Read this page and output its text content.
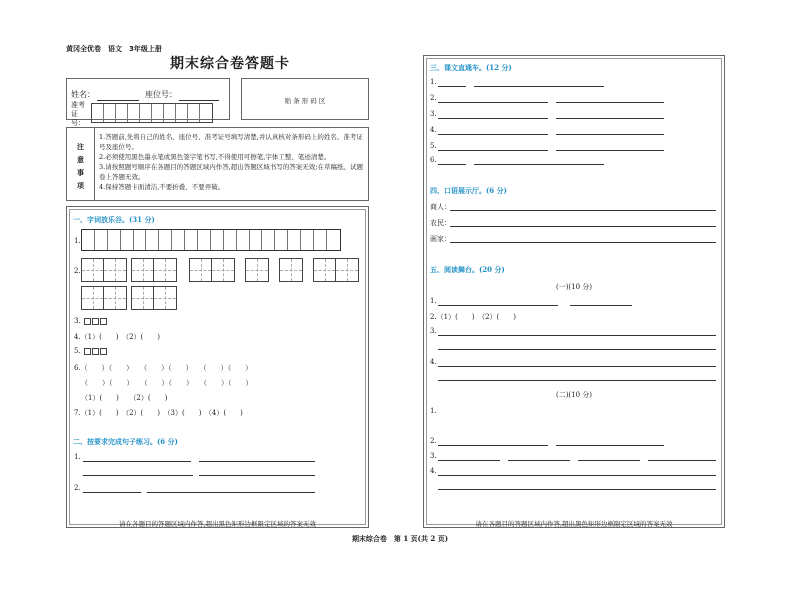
黄冈全优卷　语文　3年级上册
期末综合卷答题卡
姓名：	座位号：
准考证号：
贴 条 形 码 区
注意事项
1.答题前,先将自己的姓名、座位号、准考证号填写清楚,并认真核对条形码上的姓名、准考证号及座位号。
2.必须使用黑色墨水笔或黑色签字笔书写,不得使用可擦笔,字体工整、笔迹清楚。
3.请按照题号顺序在各题目的答题区域内作答,超出答题区域书写的答案无效;在草稿纸、试题卷上答题无效。
4.保持答题卡面清洁,不要折叠、不要弄破。
一、字词放乐谷。(31 分)
1.
2.
3.
4.（1）(　　)　（2）(　　)
5.
6.（　　）（　　）　　（　　）（　　）　　（　　）（　　）
（　　）（　　）　　（　　）（　　）　　（　　）（　　）
（1）(　　)　　（2）(　　)
7.（1）(　　)　（2）(　　)　（3）(　　)　（4）(　　)
二、按要求完成句子练习。(6 分)
1.
2.
请在各题目的答题区域内作答,超出黑色矩形边框限定区域的答案无效
三、课文直通车。(12 分)
1.
2.
3.
4.
5.
6.
四、口语展示厅。(6 分)
商人：
农民：
画家：
五、阅读舞台。(20 分)
(一)(10 分)
1.
2.（1）(　　)　（2）(　　)
3.
4.
(二)(10 分)
1.
2.
3.
4.
请在各题目的答题区域内作答,超出黑色矩形边框限定区域的答案无效
期末综合卷　第 1 页(共 2 页)
